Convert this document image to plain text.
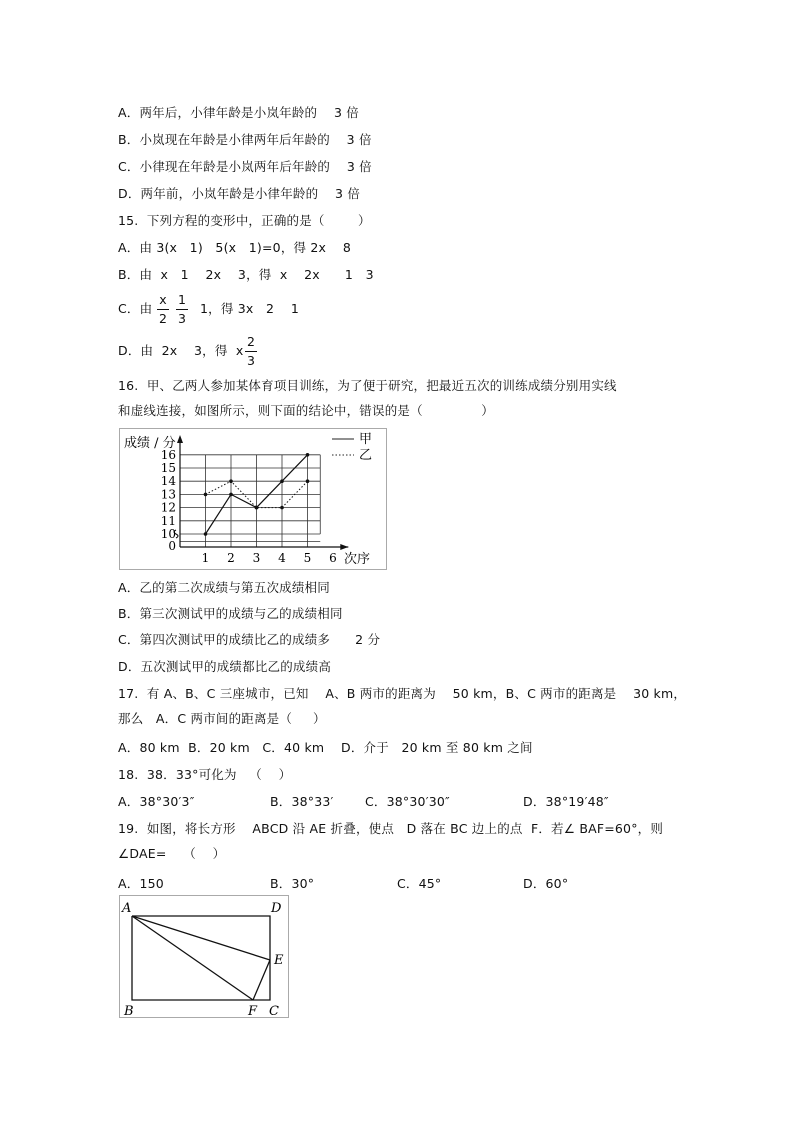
A．两年后，小律年龄是小岚年龄的    3 倍
B．小岚现在年龄是小律两年后年龄的    3 倍
C．小律现在年龄是小岚两年后年龄的    3 倍
D．两年前，小岚年龄是小律年龄的    3 倍
15.  下列方程的变形中，正确的是（        ）
A．由 3(x   1)   5(x   1)=0，得 2x    8
B．由  x   1    2x    3，得  x    2x      1   3
C．由
x
2
1
3
1，得 3x   2    1
D．由  2x    3，得  x
2
3
16.  甲、乙两人参加某体育项目训练，为了便于研究，把最近五次的训练成绩分别用实线
和虚线连接，如图所示，则下面的结论中，错误的是（              ）
0
10
11
12
13
14
15
16
1 2 3 4 5 6
成绩 / 分
次序
甲
乙
A．乙的第二次成绩与第五次成绩相同
B．第三次测试甲的成绩与乙的成绩相同
C．第四次测试甲的成绩比乙的成绩多      2 分
D．五次测试甲的成绩都比乙的成绩高
17.  有 A、B、C 三座城市，已知    A、B 两市的距离为    50 km，B、C 两市的距离是    30 km，
那么   A．C 两市间的距离是（     ）
A．80 km  B．20 km   C．40 km    D．介于   20 km 至 80 km 之间
18.  38．33°可化为   （    ）
A．38°30′3″	B．38°33′	C．38°30′30″	D．38°19′48″
19.  如图，将长方形    ABCD 沿 AE 折叠，使点   D 落在 BC 边上的点  F．若∠ BAF=60°，则
∠DAE=    （    ）
A．150	B．30°	C．45°	D．60°
A	D
E
B	F C
